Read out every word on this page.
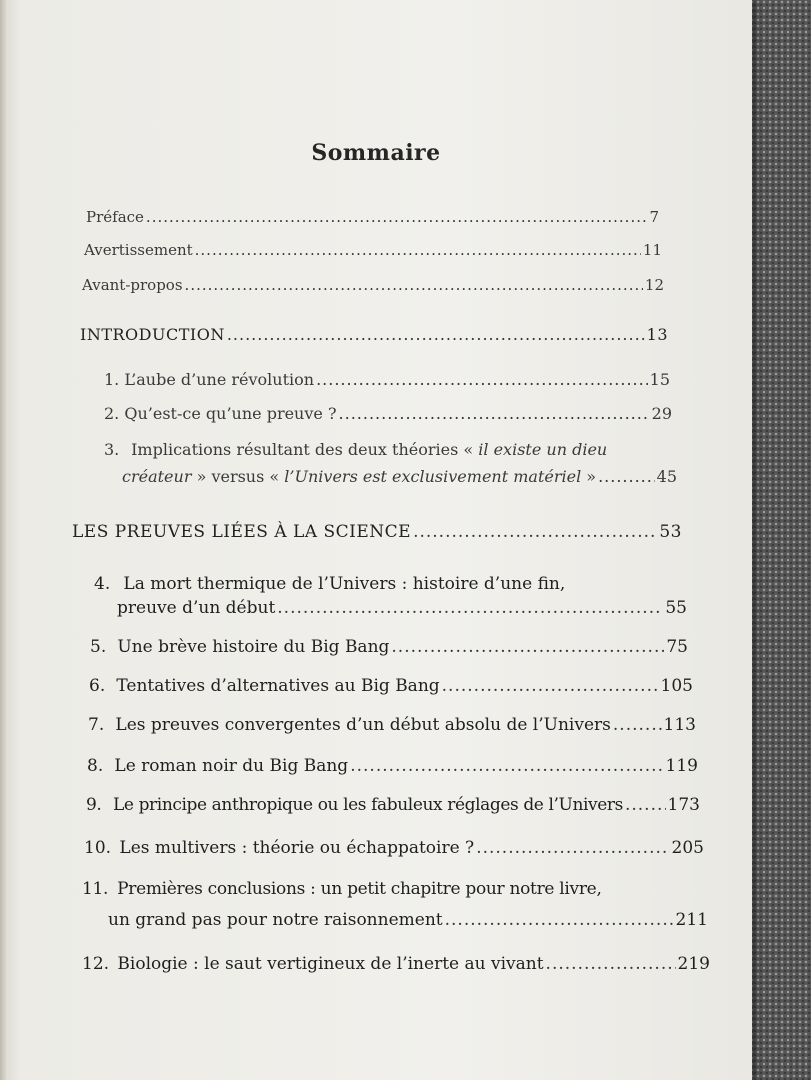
Sommaire
Préface .....	7
Avertissement .....	11
Avant-propos .....	12
INTRODUCTION .....	13
1. L’aube d’une révolution .....	15
2. Qu’est-ce qu’une preuve ? .....	29
3.
Implications résultant des deux théories «
il existe un dieu
créateur » versus « l’Univers est exclusivement matériel » .....	45
LES PREUVES LIÉES À LA SCIENCE .....	53
4.
La mort thermique de l’Univers : histoire d’une fin,
preuve d’un début .....	55
5. Une brève histoire du Big Bang .....	75
6. Tentatives d’alternatives au Big Bang .....	105
7. Les preuves convergentes d’un début absolu de l’Univers .....	113
8. Le roman noir du Big Bang .....	119
9. Le principe anthropique ou les fabuleux réglages de l’Univers .....	173
10. Les multivers : théorie ou échappatoire ? .....	205
11.
Premières conclusions : un petit chapitre pour notre livre,
un grand pas pour notre raisonnement .....	211
12. Biologie : le saut vertigineux de l’inerte au vivant .....	219
